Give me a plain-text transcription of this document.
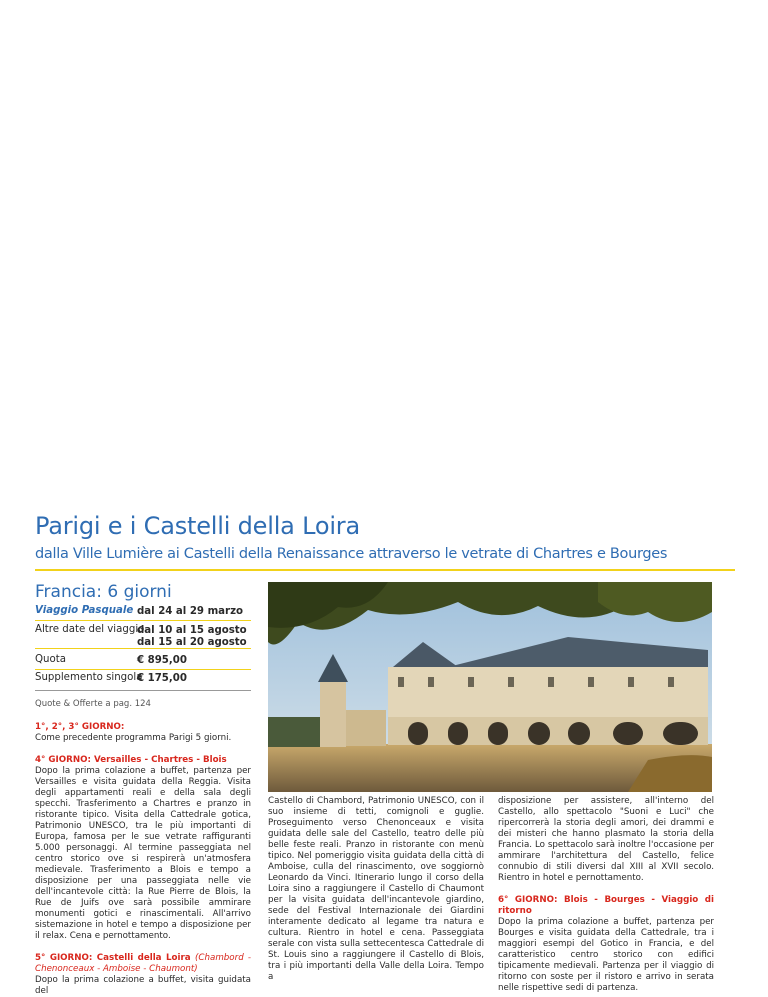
Parigi e i Castelli della Loira
dalla Ville Lumière ai Castelli della Renaissance attraverso le vetrate di Chartres e Bourges
Francia: 6 giorni
Viaggio Pasquale dal 24 al 29 marzo
Altre date del viaggio
dal 10 al 15 agosto
dal 15 al 20 agosto
Quota	€ 895,00
Supplemento singola
€ 175,00
Quote & Offerte a pag. 124

1°, 2°, 3° GIORNO:

Come precedente programma Parigi 5 giorni.

4° GIORNO: Versailles - Chartres - Blois

Dopo la prima colazione a buffet, partenza per Versailles e visita guidata della Reggia. Visita degli appartamenti reali e della sala degli specchi. Trasferimento a Chartres e pranzo in ristorante tipico. Visita della Cattedrale gotica, Patrimonio UNESCO, tra le più importanti di Europa, famosa per le sue vetrate raffiguranti 5.000 personaggi. Al termine passeggiata nel centro storico ove si respirerà un'atmosfera medievale. Trasferimento a Blois e tempo a disposizione per una passeggiata nelle vie dell'incantevole città: la Rue Pierre de Blois, la Rue de Juifs ove sarà possibile ammirare monumenti gotici e rinascimentali. All'arrivo sistemazione in hotel e tempo a disposizione per il relax. Cena e pernottamento.

5° GIORNO: Castelli della Loira (Chambord - Chenonceaux - Amboise - Chaumont)

Dopo la prima colazione a buffet, visita guidata del

Castello di Chambord, Patrimonio UNESCO, con il suo insieme di tetti, comignoli e guglie. Proseguimento verso Chenonceaux e visita guidata delle sale del Castello, teatro delle più belle feste reali. Pranzo in ristorante con menù tipico. Nel pomeriggio visita guidata della città di Amboise, culla del rinascimento, ove soggiornò Leonardo da Vinci. Itinerario lungo il corso della Loira sino a raggiungere il Castello di Chaumont per la visita guidata dell'incantevole giardino, sede del Festival Internazionale dei Giardini interamente dedicato al legame tra natura e cultura. Rientro in hotel e cena. Passeggiata serale con vista sulla settecentesca Cattedrale di St. Louis sino a raggiungere il Castello di Blois, tra i più importanti della Valle della Loira. Tempo a

disposizione per assistere, all'interno del Castello, allo spettacolo "Suoni e Luci" che ripercorrerà la storia degli amori, dei drammi e dei misteri che hanno plasmato la storia della Francia. Lo spettacolo sarà inoltre l'occasione per ammirare l'architettura del Castello, felice connubio di stili diversi dal XIII al XVII secolo. Rientro in hotel e pernottamento.

6° GIORNO: Blois - Bourges - Viaggio di ritorno

Dopo la prima colazione a buffet, partenza per Bourges e visita guidata della Cattedrale, tra i maggiori esempi del Gotico in Francia, e del caratteristico centro storico con edifici tipicamente medievali. Partenza per il viaggio di ritorno con soste per il ristoro e arrivo in serata nelle rispettive sedi di partenza.
